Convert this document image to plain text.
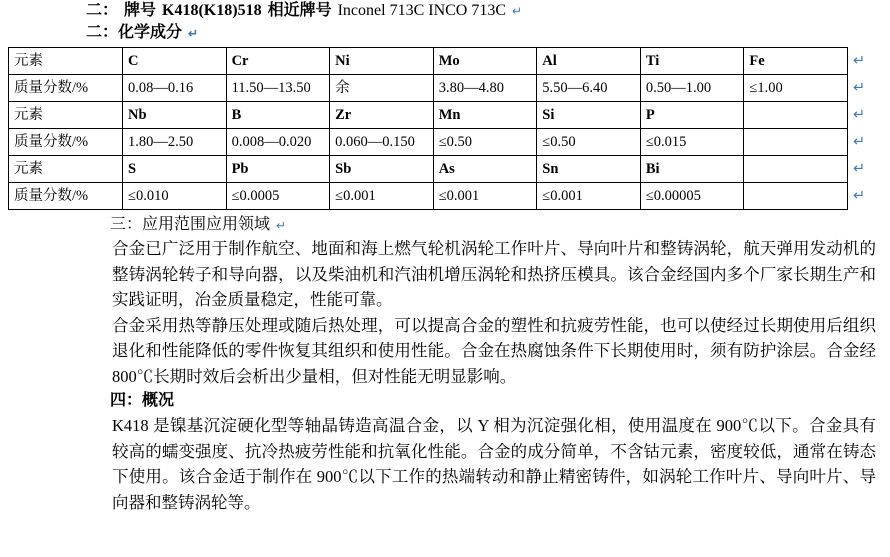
二： 牌号 K418(K18)518 相近牌号 Inconel 713C INCO 713C ↵
二：化学成分 ↵
元素	C	Cr	Ni	Mo	Al	Ti	Fe	↵
质量分数/%	0.08—0.16	11.50—13.50	余	3.80—4.80	5.50—6.40	0.50—1.00	≤1.00	↵
元素	Nb	B	Zr	Mn	Si	P		↵
质量分数/%	1.80—2.50	0.008—0.020	0.060—0.150	≤0.50	≤0.50	≤0.015		↵
元素	S	Pb	Sb	As	Sn	Bi		↵
质量分数/%	≤0.010	≤0.0005	≤0.001	≤0.001	≤0.001	≤0.00005		↵
三：应用范围应用领域 ↵
合金已广泛用于制作航空、地面和海上燃气轮机涡轮工作叶片、导向叶片和整铸涡轮，航天弹用发动机的整铸涡轮转子和导向器，以及柴油机和汽油机增压涡轮和热挤压模具。该合金经国内多个厂家长期生产和实践证明，冶金质量稳定，性能可靠。
合金采用热等静压处理或随后热处理，可以提高合金的塑性和抗疲劳性能，也可以使经过长期使用后组织退化和性能降低的零件恢复其组织和使用性能。合金在热腐蚀条件下长期使用时，须有防护涂层。合金经 800℃长期时效后会析出少量相，但对性能无明显影响。
四：概况
K418 是镍基沉淀硬化型等轴晶铸造高温合金，以 Y 相为沉淀强化相，使用温度在 900℃以下。合金具有较高的蠕变强度、抗冷热疲劳性能和抗氧化性能。合金的成分简单，不含钴元素，密度较低，通常在铸态下使用。该合金适于制作在 900℃以下工作的热端转动和静止精密铸件，如涡轮工作叶片、导向叶片、导向器和整铸涡轮等。
